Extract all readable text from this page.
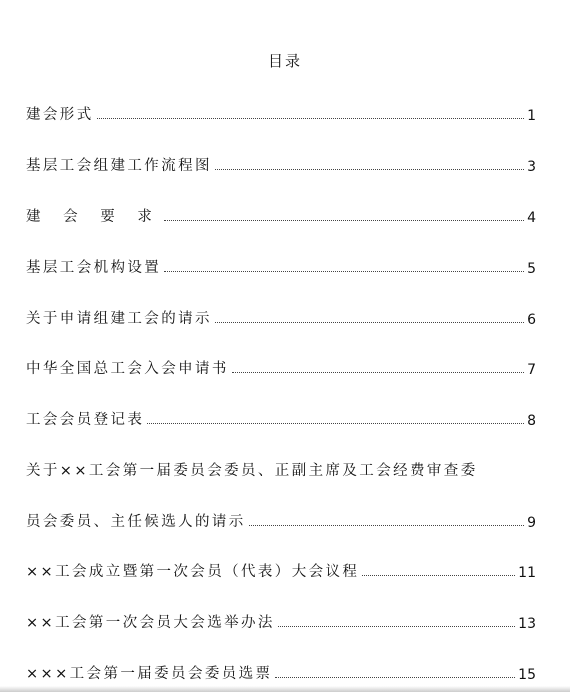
目录
建会形式	1
基层工会组建工作流程图	3
建 会 要 求	4
基层工会机构设置	5
关于申请组建工会的请示	6
中华全国总工会入会申请书	7
工会会员登记表	8
关于××工会第一届委员会委员、正副主席及工会经费审查委
员会委员、主任候选人的请示	9
××工会成立暨第一次会员（代表）大会议程	11
××工会第一次会员大会选举办法	13
×××工会第一届委员会委员选票	15
